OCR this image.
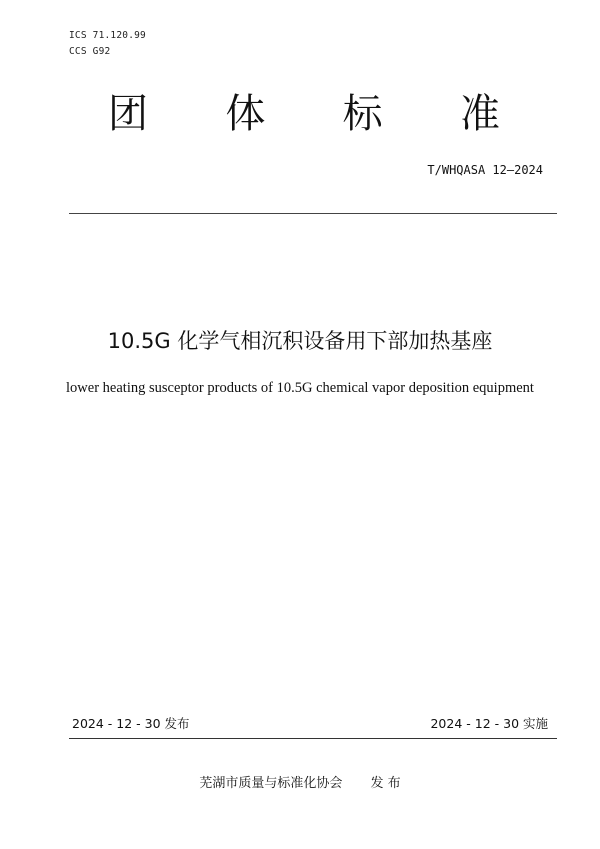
ICS 71.120.99
CCS G92
团 体 标 准
T/WHQASA 12—2024
10.5G 化学气相沉积设备用下部加热基座
lower heating susceptor products of 10.5G chemical vapor deposition equipment
2024 - 12 - 30 发布	2024 - 12 - 30 实施
芜湖市质量与标准化协会 发 布
